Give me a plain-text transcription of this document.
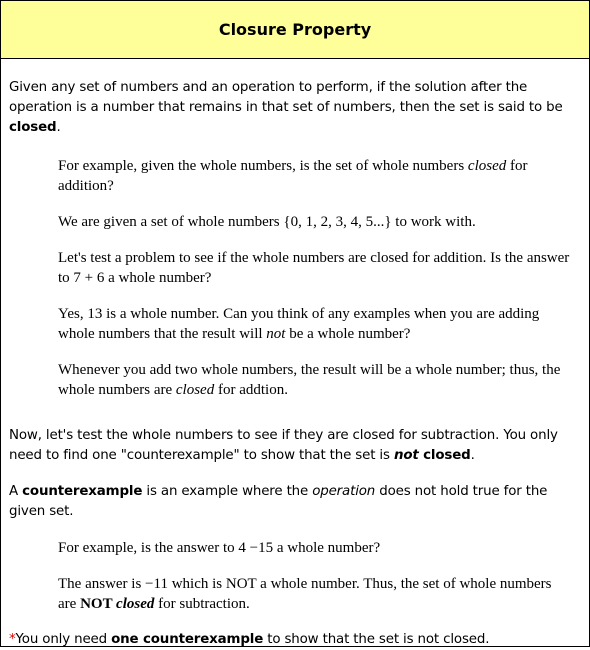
Closure Property

Given any set of numbers and an operation to perform, if the solution after the operation is a number that remains in that set of numbers, then the set is said to be closed.

For example, given the whole numbers, is the set of whole numbers closed for addition?

We are given a set of whole numbers {0, 1, 2, 3, 4, 5...} to work with.

Let's test a problem to see if the whole numbers are closed for addition. Is the answer to 7 + 6 a whole number?

Yes, 13 is a whole number. Can you think of any examples when you are adding whole numbers that the result will not be a whole number?

Whenever you add two whole numbers, the result will be a whole number; thus, the whole numbers are closed for addtion.

Now, let's test the whole numbers to see if they are closed for subtraction. You only need to find one "counterexample" to show that the set is not closed.

A counterexample is an example where the operation does not hold true for the given set.

For example, is the answer to 4 −15 a whole number?

The answer is −11 which is NOT a whole number. Thus, the set of whole numbers are NOT closed for subtraction.

*You only need one counterexample to show that the set is not closed.
